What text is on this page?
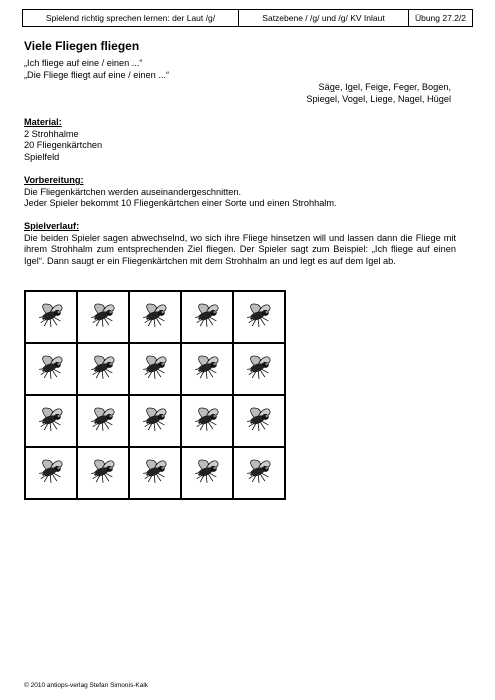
Spielend richtig sprechen lernen: der Laut /g/	Satzebene / /g/ und /g/ KV Inlaut	Übung 27.2/2
Viele Fliegen fliegen
„Ich fliege auf eine / einen ...“
„Die Fliege fliegt auf eine / einen ...“
Säge, Igel, Feige, Feger, Bogen,
Spiegel, Vogel, Liege, Nagel, Hügel
Material:
2 Strohhalme
20 Fliegenkärtchen
Spielfeld
Vorbereitung:
Die Fliegenkärtchen werden auseinandergeschnitten.
Jeder Spieler bekommt 10 Fliegenkärtchen einer Sorte und einen Strohhalm.
Spielverlauf:
Die beiden Spieler sagen abwechselnd, wo sich ihre Fliege hinsetzen will und lassen dann die Fliege mit ihrem Strohhalm zum entsprechenden Ziel fliegen. Der Spieler sagt zum Beispiel: „Ich fliege auf einen Igel“. Dann saugt er ein Fliegenkärtchen mit dem Strohhalm an und legt es auf dem Igel ab.
© 2010 antiops-verlag Stefan Simonis-Kalk
